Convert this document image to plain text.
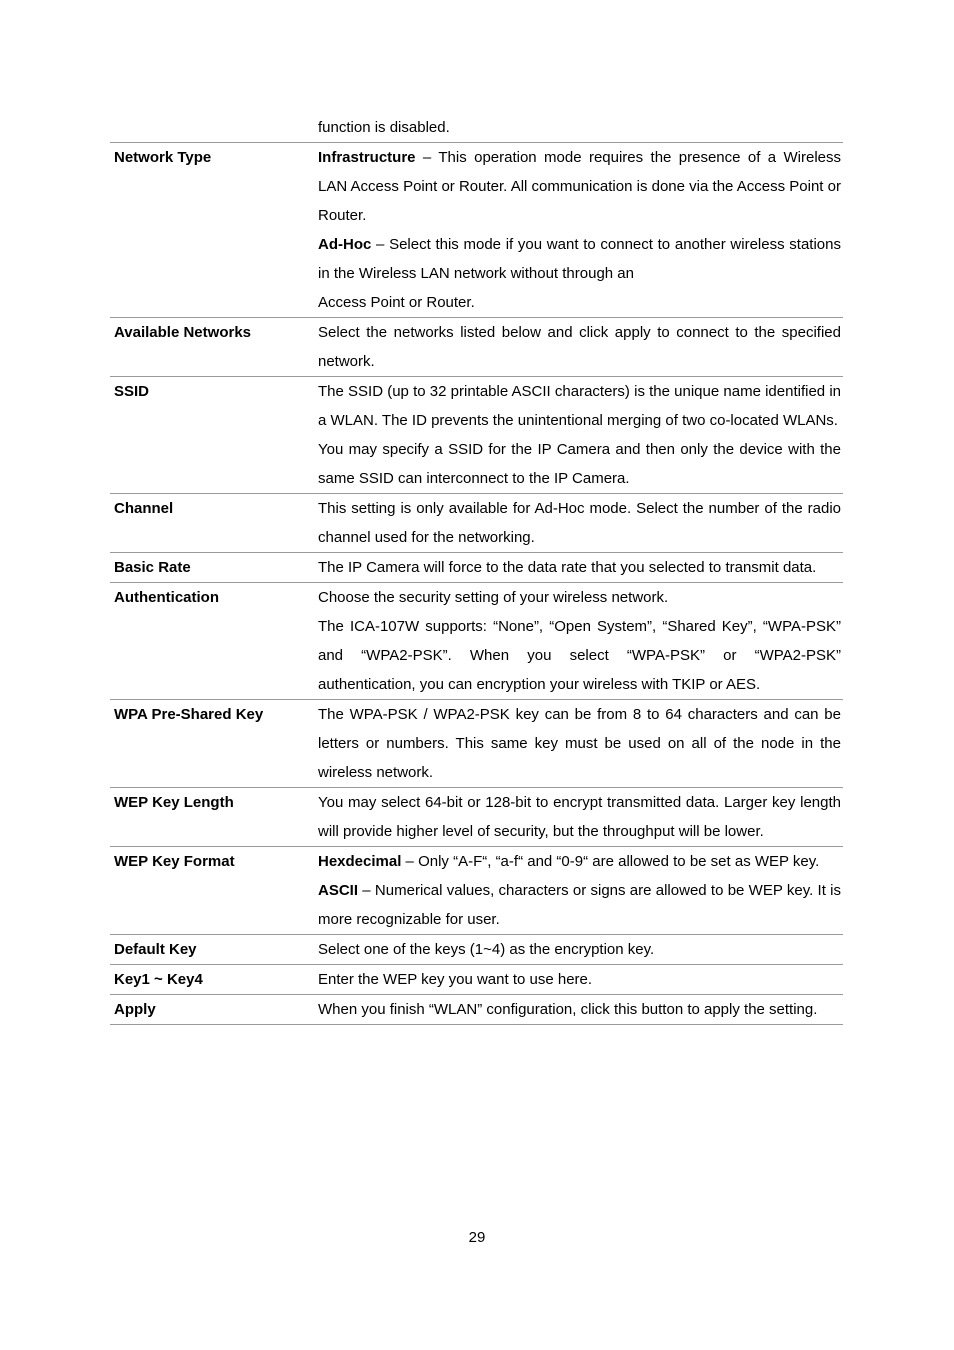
	function is disabled.

Network Type	Infrastructure – This operation mode requires the presence of a Wireless LAN Access Point or Router. All communication is done via the Access Point or Router.

Ad-Hoc – Select this mode if you want to connect to another wireless stations in the Wireless LAN network without through an

Access Point or Router.

Available Networks	Select the networks listed below and click apply to connect to the specified network.

SSID	The SSID (up to 32 printable ASCII characters) is the unique name identified in a WLAN. The ID prevents the unintentional merging of two co-located WLANs.

You may specify a SSID for the IP Camera and then only the device with the same SSID can interconnect to the IP Camera.

Channel	This setting is only available for Ad-Hoc mode. Select the number of the radio channel used for the networking.

Basic Rate	The IP Camera will force to the data rate that you selected to transmit data.

Authentication	Choose the security setting of your wireless network.

The ICA-107W supports: “None”, “Open System”, “Shared Key”, “WPA-PSK” and “WPA2-PSK”. When you select “WPA-PSK” or “WPA2-PSK” authentication, you can encryption your wireless with TKIP or AES.

WPA Pre-Shared Key	The WPA-PSK / WPA2-PSK key can be from 8 to 64 characters and can be letters or numbers. This same key must be used on all of the node in the wireless network.

WEP Key Length	You may select 64-bit or 128-bit to encrypt transmitted data. Larger key length will provide higher level of security, but the throughput will be lower.

WEP Key Format	Hexdecimal – Only “A-F“, “a-f“ and “0-9“ are allowed to be set as WEP key.

ASCII – Numerical values, characters or signs are allowed to be WEP key. It is more recognizable for user.

Default Key	Select one of the keys (1~4) as the encryption key.

Key1 ~ Key4	Enter the WEP key you want to use here.

Apply	When you finish “WLAN” configuration, click this button to apply the setting.

29
